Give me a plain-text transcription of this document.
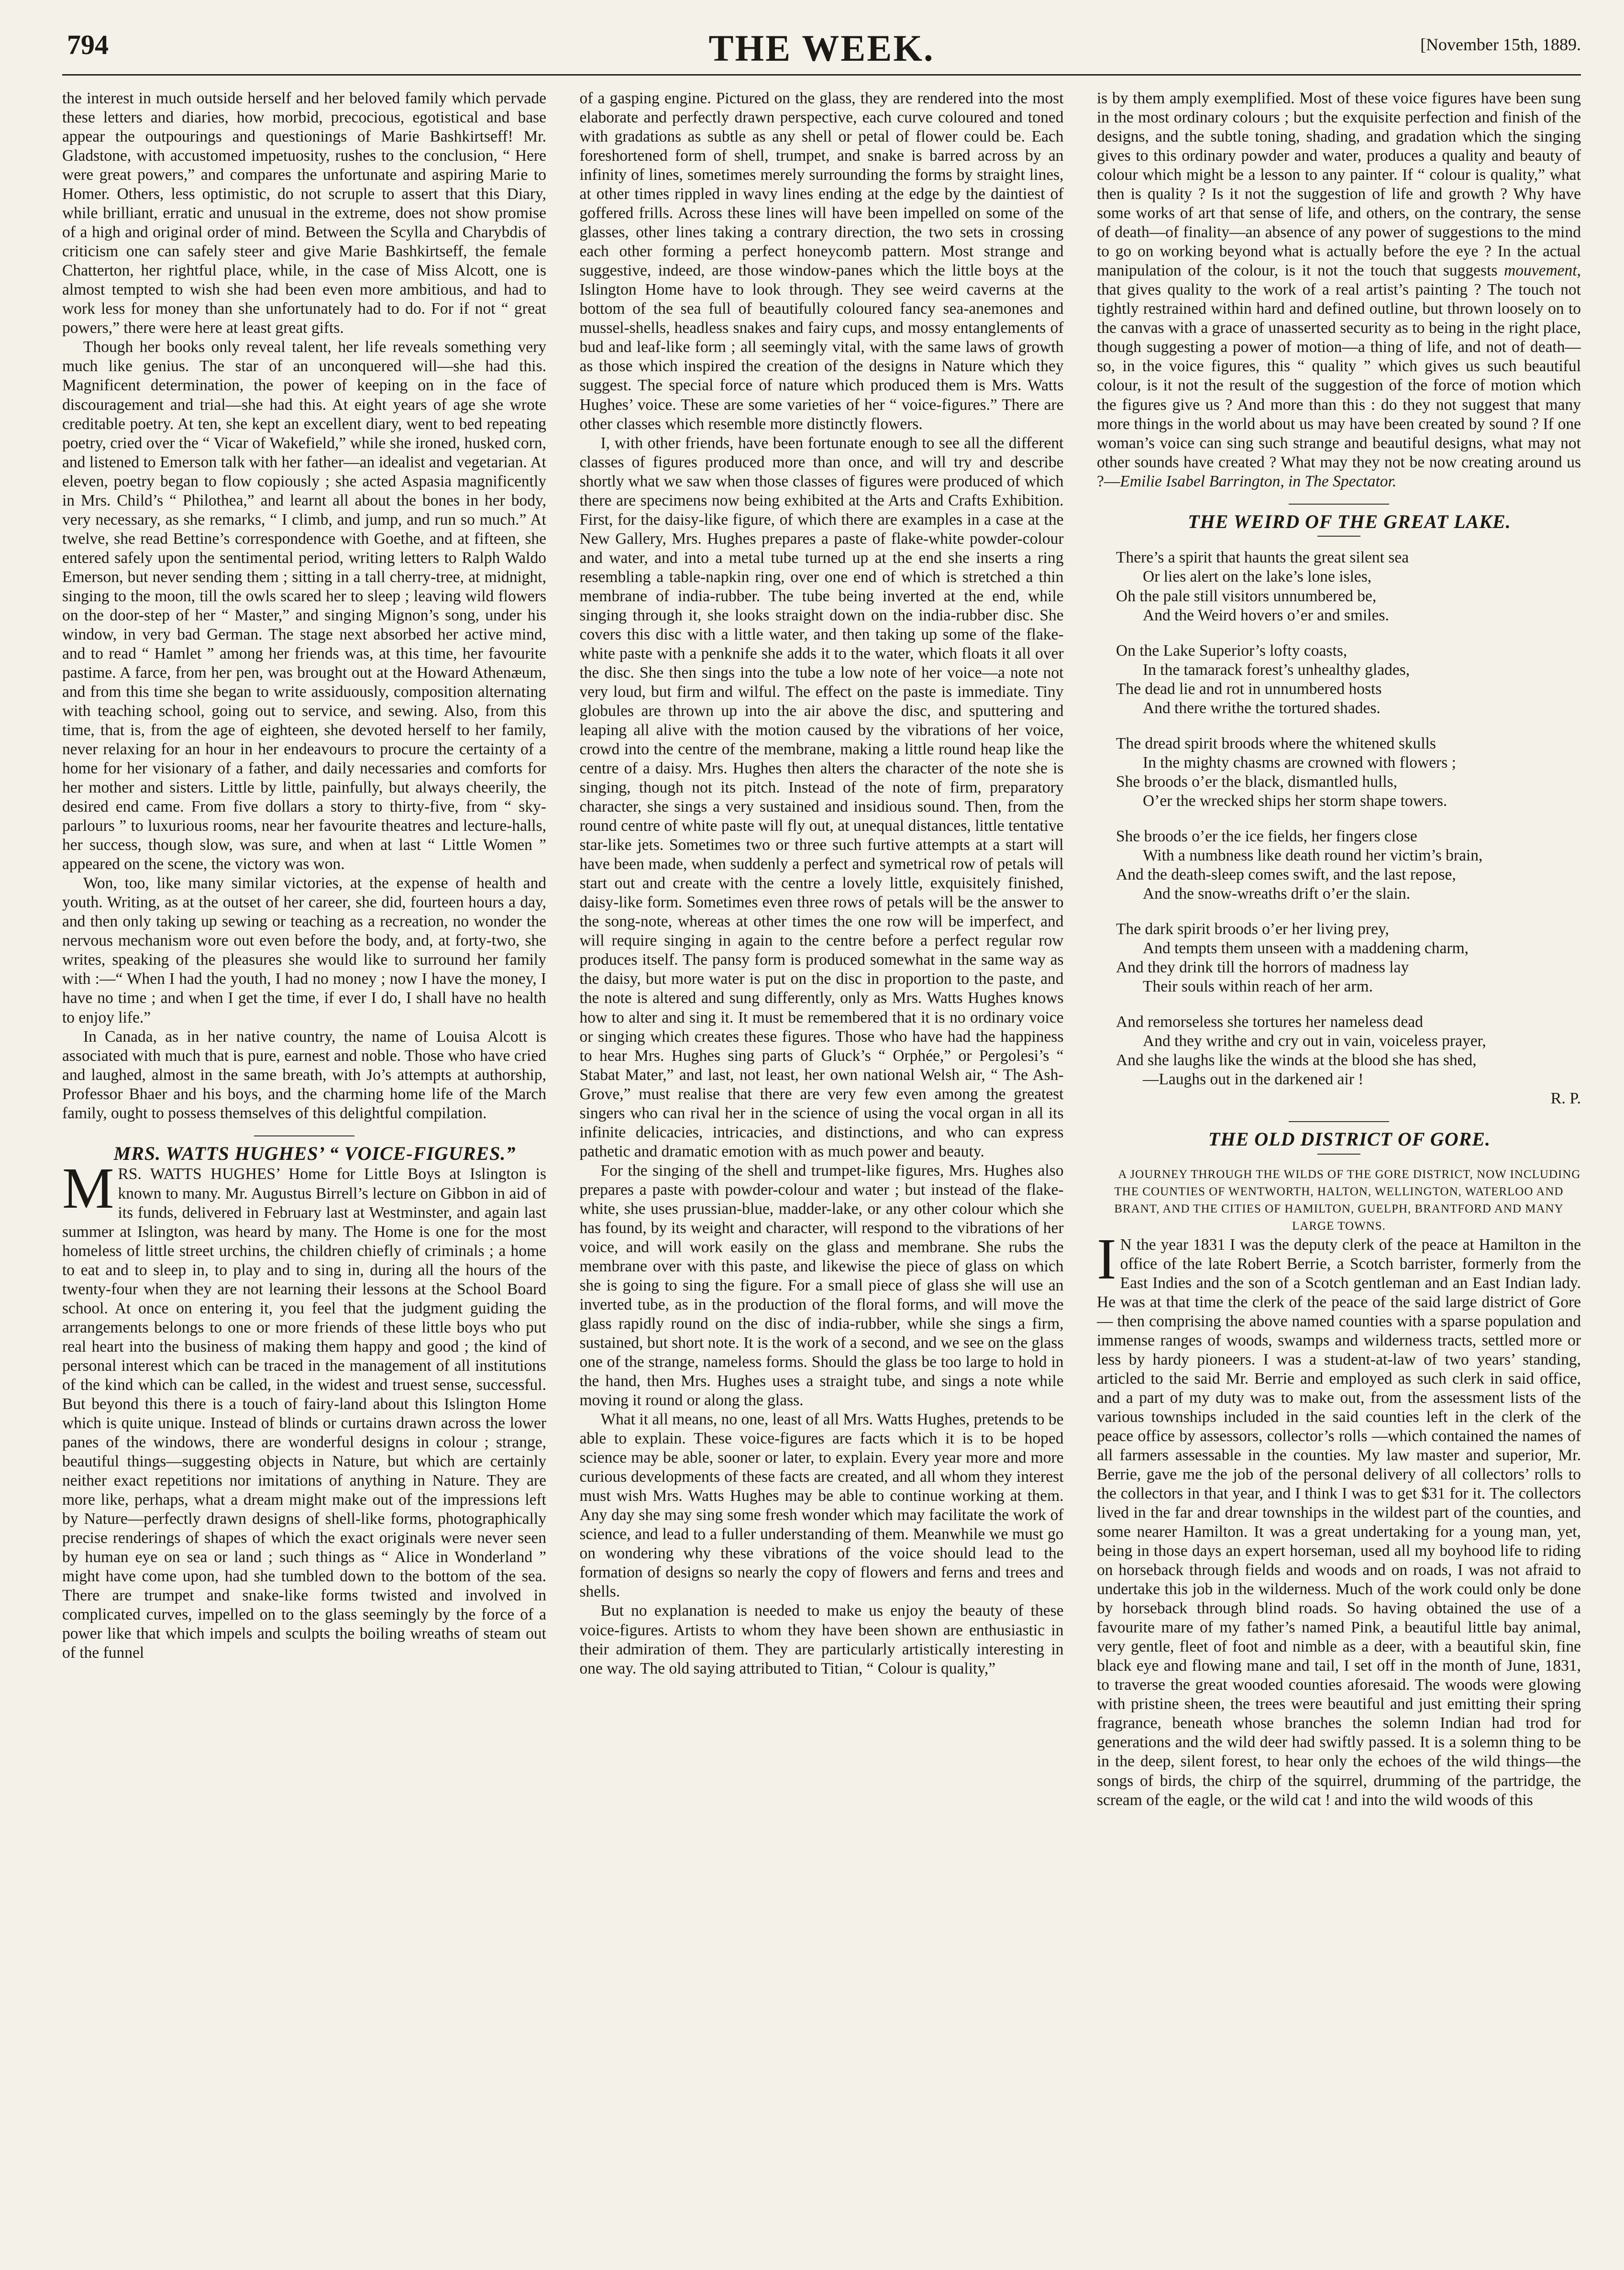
794	THE WEEK.	[November 15th, 1889.

the interest in much outside herself and her beloved family which pervade these letters and diaries, how morbid, precocious, egotistical and base appear the outpourings and questionings of Marie Bashkirtseff! Mr. Gladstone, with accustomed impetuosity, rushes to the conclusion, “ Here were great powers,” and compares the unfortunate and aspiring Marie to Homer. Others, less optimistic, do not scruple to assert that this Diary, while brilliant, erratic and unusual in the extreme, does not show promise of a high and original order of mind. Between the Scylla and Charybdis of criticism one can safely steer and give Marie Bashkirtseff, the female Chatterton, her rightful place, while, in the case of Miss Alcott, one is almost tempted to wish she had been even more ambitious, and had to work less for money than she unfortunately had to do. For if not “ great powers,” there were here at least great gifts.

Though her books only reveal talent, her life reveals something very much like genius. The star of an unconquered will—she had this. Magnificent determination, the power of keeping on in the face of discouragement and trial—she had this. At eight years of age she wrote creditable poetry. At ten, she kept an excellent diary, went to bed repeating poetry, cried over the “ Vicar of Wakefield,” while she ironed, husked corn, and listened to Emerson talk with her father—an idealist and vegetarian. At eleven, poetry began to flow copiously ; she acted Aspasia magnificently in Mrs. Child’s “ Philothea,” and learnt all about the bones in her body, very necessary, as she remarks, “ I climb, and jump, and run so much.” At twelve, she read Bettine’s correspondence with Goethe, and at fifteen, she entered safely upon the sentimental period, writing letters to Ralph Waldo Emerson, but never sending them ; sitting in a tall cherry-tree, at midnight, singing to the moon, till the owls scared her to sleep ; leaving wild flowers on the door-step of her “ Master,” and singing Mignon’s song, under his window, in very bad German. The stage next absorbed her active mind, and to read “ Hamlet ” among her friends was, at this time, her favourite pastime. A farce, from her pen, was brought out at the Howard Athenæum, and from this time she began to write assiduously, composition alternating with teaching school, going out to service, and sewing. Also, from this time, that is, from the age of eighteen, she devoted herself to her family, never relaxing for an hour in her endeavours to procure the certainty of a home for her visionary of a father, and daily necessaries and comforts for her mother and sisters. Little by little, painfully, but always cheerily, the desired end came. From five dollars a story to thirty-five, from “ sky-parlours ” to luxurious rooms, near her favourite theatres and lecture-halls, her success, though slow, was sure, and when at last “ Little Women ” appeared on the scene, the victory was won.

Won, too, like many similar victories, at the expense of health and youth. Writing, as at the outset of her career, she did, fourteen hours a day, and then only taking up sewing or teaching as a recreation, no wonder the nervous mechanism wore out even before the body, and, at forty-two, she writes, speaking of the pleasures she would like to surround her family with :—“ When I had the youth, I had no money ; now I have the money, I have no time ; and when I get the time, if ever I do, I shall have no health to enjoy life.”

In Canada, as in her native country, the name of Louisa Alcott is associated with much that is pure, earnest and noble. Those who have cried and laughed, almost in the same breath, with Jo’s attempts at authorship, Professor Bhaer and his boys, and the charming home life of the March family, ought to possess themselves of this delightful compilation.

MRS. WATTS HUGHES’ “ VOICE-FIGURES.”

MRS. WATTS HUGHES’ Home for Little Boys at Islington is known to many. Mr. Augustus Birrell’s lecture on Gibbon in aid of its funds, delivered in February last at Westminster, and again last summer at Islington, was heard by many. The Home is one for the most homeless of little street urchins, the children chiefly of criminals ; a home to eat and to sleep in, to play and to sing in, during all the hours of the twenty-four when they are not learning their lessons at the School Board school. At once on entering it, you feel that the judgment guiding the arrangements belongs to one or more friends of these little boys who put real heart into the business of making them happy and good ; the kind of personal interest which can be traced in the management of all institutions of the kind which can be called, in the widest and truest sense, successful. But beyond this there is a touch of fairy-land about this Islington Home which is quite unique. Instead of blinds or curtains drawn across the lower panes of the windows, there are wonderful designs in colour ; strange, beautiful things—suggesting objects in Nature, but which are certainly neither exact repetitions nor imitations of anything in Nature. They are more like, perhaps, what a dream might make out of the impressions left by Nature—perfectly drawn designs of shell-like forms, photographically precise renderings of shapes of which the exact originals were never seen by human eye on sea or land ; such things as “ Alice in Wonderland ” might have come upon, had she tumbled down to the bottom of the sea. There are trumpet and snake-like forms twisted and involved in complicated curves, impelled on to the glass seemingly by the force of a power like that which impels and sculpts the boiling wreaths of steam out of the funnel

of a gasping engine. Pictured on the glass, they are rendered into the most elaborate and perfectly drawn perspective, each curve coloured and toned with gradations as subtle as any shell or petal of flower could be. Each foreshortened form of shell, trumpet, and snake is barred across by an infinity of lines, sometimes merely surrounding the forms by straight lines, at other times rippled in wavy lines ending at the edge by the daintiest of goffered frills. Across these lines will have been impelled on some of the glasses, other lines taking a contrary direction, the two sets in crossing each other forming a perfect honeycomb pattern. Most strange and suggestive, indeed, are those window-panes which the little boys at the Islington Home have to look through. They see weird caverns at the bottom of the sea full of beautifully coloured fancy sea-anemones and mussel-shells, headless snakes and fairy cups, and mossy entanglements of bud and leaf-like form ; all seemingly vital, with the same laws of growth as those which inspired the creation of the designs in Nature which they suggest. The special force of nature which produced them is Mrs. Watts Hughes’ voice. These are some varieties of her “ voice-figures.” There are other classes which resemble more distinctly flowers.

I, with other friends, have been fortunate enough to see all the different classes of figures produced more than once, and will try and describe shortly what we saw when those classes of figures were produced of which there are specimens now being exhibited at the Arts and Crafts Exhibition. First, for the daisy-like figure, of which there are examples in a case at the New Gallery, Mrs. Hughes prepares a paste of flake-white powder-colour and water, and into a metal tube turned up at the end she inserts a ring resembling a table-napkin ring, over one end of which is stretched a thin membrane of india-rubber. The tube being inverted at the end, while singing through it, she looks straight down on the india-rubber disc. She covers this disc with a little water, and then taking up some of the flake-white paste with a penknife she adds it to the water, which floats it all over the disc. She then sings into the tube a low note of her voice—a note not very loud, but firm and wilful. The effect on the paste is immediate. Tiny globules are thrown up into the air above the disc, and sputtering and leaping all alive with the motion caused by the vibrations of her voice, crowd into the centre of the membrane, making a little round heap like the centre of a daisy. Mrs. Hughes then alters the character of the note she is singing, though not its pitch. Instead of the note of firm, preparatory character, she sings a very sustained and insidious sound. Then, from the round centre of white paste will fly out, at unequal distances, little tentative star-like jets. Sometimes two or three such furtive attempts at a start will have been made, when suddenly a perfect and symetrical row of petals will start out and create with the centre a lovely little, exquisitely finished, daisy-like form. Sometimes even three rows of petals will be the answer to the song-note, whereas at other times the one row will be imperfect, and will require singing in again to the centre before a perfect regular row produces itself. The pansy form is produced somewhat in the same way as the daisy, but more water is put on the disc in proportion to the paste, and the note is altered and sung differently, only as Mrs. Watts Hughes knows how to alter and sing it. It must be remembered that it is no ordinary voice or singing which creates these figures. Those who have had the happiness to hear Mrs. Hughes sing parts of Gluck’s “ Orphée,” or Pergolesi’s “ Stabat Mater,” and last, not least, her own national Welsh air, “ The Ash-Grove,” must realise that there are very few even among the greatest singers who can rival her in the science of using the vocal organ in all its infinite delicacies, intricacies, and distinctions, and who can express pathetic and dramatic emotion with as much power and beauty.

For the singing of the shell and trumpet-like figures, Mrs. Hughes also prepares a paste with powder-colour and water ; but instead of the flake-white, she uses prussian-blue, madder-lake, or any other colour which she has found, by its weight and character, will respond to the vibrations of her voice, and will work easily on the glass and membrane. She rubs the membrane over with this paste, and likewise the piece of glass on which she is going to sing the figure. For a small piece of glass she will use an inverted tube, as in the production of the floral forms, and will move the glass rapidly round on the disc of india-rubber, while she sings a firm, sustained, but short note. It is the work of a second, and we see on the glass one of the strange, nameless forms. Should the glass be too large to hold in the hand, then Mrs. Hughes uses a straight tube, and sings a note while moving it round or along the glass.

What it all means, no one, least of all Mrs. Watts Hughes, pretends to be able to explain. These voice-figures are facts which it is to be hoped science may be able, sooner or later, to explain. Every year more and more curious developments of these facts are created, and all whom they interest must wish Mrs. Watts Hughes may be able to continue working at them. Any day she may sing some fresh wonder which may facilitate the work of science, and lead to a fuller understanding of them. Meanwhile we must go on wondering why these vibrations of the voice should lead to the formation of designs so nearly the copy of flowers and ferns and trees and shells.

But no explanation is needed to make us enjoy the beauty of these voice-figures. Artists to whom they have been shown are enthusiastic in their admiration of them. They are particularly artistically interesting in one way. The old saying attributed to Titian, “ Colour is quality,”

is by them amply exemplified. Most of these voice figures have been sung in the most ordinary colours ; but the exquisite perfection and finish of the designs, and the subtle toning, shading, and gradation which the singing gives to this ordinary powder and water, produces a quality and beauty of colour which might be a lesson to any painter. If “ colour is quality,” what then is quality ? Is it not the suggestion of life and growth ? Why have some works of art that sense of life, and others, on the contrary, the sense of death—of finality—an absence of any power of suggestions to the mind to go on working beyond what is actually before the eye ? In the actual manipulation of the colour, is it not the touch that suggests mouvement, that gives quality to the work of a real artist’s painting ? The touch not tightly restrained within hard and defined outline, but thrown loosely on to the canvas with a grace of unasserted security as to being in the right place, though suggesting a power of motion—a thing of life, and not of death—so, in the voice figures, this “ quality ” which gives us such beautiful colour, is it not the result of the suggestion of the force of motion which the figures give us ? And more than this : do they not suggest that many more things in the world about us may have been created by sound ? If one woman’s voice can sing such strange and beautiful designs, what may not other sounds have created ? What may they not be now creating around us ?—Emilie Isabel Barrington, in The Spectator.

THE WEIRD OF THE GREAT LAKE.

There’s a spirit that haunts the great silent sea

Or lies alert on the lake’s lone isles,

Oh the pale still visitors unnumbered be,

And the Weird hovers o’er and smiles.

On the Lake Superior’s lofty coasts,

In the tamarack forest’s unhealthy glades,

The dead lie and rot in unnumbered hosts

And there writhe the tortured shades.

The dread spirit broods where the whitened skulls

In the mighty chasms are crowned with flowers ;

She broods o’er the black, dismantled hulls,

O’er the wrecked ships her storm shape towers.

She broods o’er the ice fields, her fingers close

With a numbness like death round her victim’s brain,

And the death-sleep comes swift, and the last repose,

And the snow-wreaths drift o’er the slain.

The dark spirit broods o’er her living prey,

And tempts them unseen with a maddening charm,

And they drink till the horrors of madness lay

Their souls within reach of her arm.

And remorseless she tortures her nameless dead

And they writhe and cry out in vain, voiceless prayer,

And she laughs like the winds at the blood she has shed,

—Laughs out in the darkened air !

R. P.

THE OLD DISTRICT OF GORE.

A JOURNEY THROUGH THE WILDS OF THE GORE DISTRICT, NOW INCLUDING THE COUNTIES OF WENTWORTH, HALTON, WELLINGTON, WATERLOO AND BRANT, AND THE CITIES OF HAMILTON, GUELPH, BRANTFORD AND MANY LARGE TOWNS.

I N the year 1831 I was the deputy clerk of the peace at Hamilton in the office of the late Robert Berrie, a Scotch barrister, formerly from the East Indies and the son of a Scotch gentleman and an East Indian lady. He was at that time the clerk of the peace of the said large district of Gore — then comprising the above named counties with a sparse population and immense ranges of woods, swamps and wilderness tracts, settled more or less by hardy pioneers. I was a student-at-law of two years’ standing, articled to the said Mr. Berrie and employed as such clerk in said office, and a part of my duty was to make out, from the assessment lists of the various townships included in the said counties left in the clerk of the peace office by assessors, collector’s rolls —which contained the names of all farmers assessable in the counties. My law master and superior, Mr. Berrie, gave me the job of the personal delivery of all collectors’ rolls to the collectors in that year, and I think I was to get $31 for it. The collectors lived in the far and drear townships in the wildest part of the counties, and some nearer Hamilton. It was a great undertaking for a young man, yet, being in those days an expert horseman, used all my boyhood life to riding on horseback through fields and woods and on roads, I was not afraid to undertake this job in the wilderness. Much of the work could only be done by horseback through blind roads. So having obtained the use of a favourite mare of my father’s named Pink, a beautiful little bay animal, very gentle, fleet of foot and nimble as a deer, with a beautiful skin, fine black eye and flowing mane and tail, I set off in the month of June, 1831, to traverse the great wooded counties aforesaid. The woods were glowing with pristine sheen, the trees were beautiful and just emitting their spring fragrance, beneath whose branches the solemn Indian had trod for generations and the wild deer had swiftly passed. It is a solemn thing to be in the deep, silent forest, to hear only the echoes of the wild things—the songs of birds, the chirp of the squirrel, drumming of the partridge, the scream of the eagle, or the wild cat ! and into the wild woods of this
